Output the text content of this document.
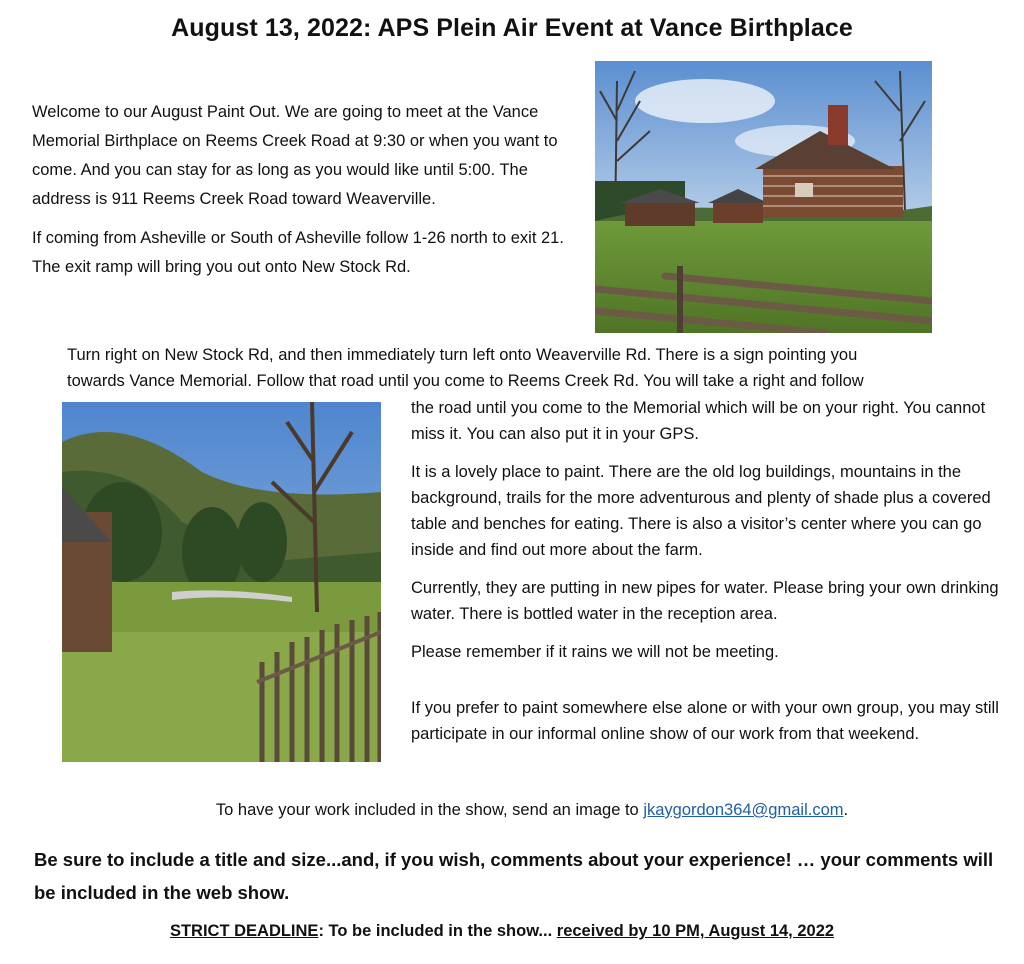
August 13, 2022: APS Plein Air Event at Vance Birthplace

Welcome to our August Paint Out. We are going to meet at the Vance Memorial Birthplace on Reems Creek Road at 9:30 or when you want to come. And you can stay for as long as you would like until 5:00. The address is 911 Reems Creek Road toward Weaverville.

If coming from Asheville or South of Asheville follow 1-26 north to exit 21. The exit ramp will bring you out onto New Stock Rd.

Turn right on New Stock Rd, and then immediately turn left onto Weaverville Rd. There is a sign pointing you
towards Vance Memorial. Follow that road until you come to Reems Creek Rd. You will take a right and follow

the road until you come to the Memorial which will be on your right. You cannot miss it. You can also put it in your GPS.

It is a lovely place to paint. There are the old log buildings, mountains in the background, trails for the more adventurous and plenty of shade plus a covered table and benches for eating. There is also a visitor’s center where you can go inside and find out more about the farm.

Currently, they are putting in new pipes for water. Please bring your own drinking water. There is bottled water in the reception area.

Please remember if it rains we will not be meeting.

If you prefer to paint somewhere else alone or with your own group, you may still participate in our informal online show of our work from that weekend.

To have your work included in the show, send an image to jkaygordon364@gmail.com.
Be sure to include a title and size...and, if you wish, comments about your experience! … your comments will be included in the web show.
STRICT DEADLINE: To be included in the show... received by 10 PM, August 14, 2022
